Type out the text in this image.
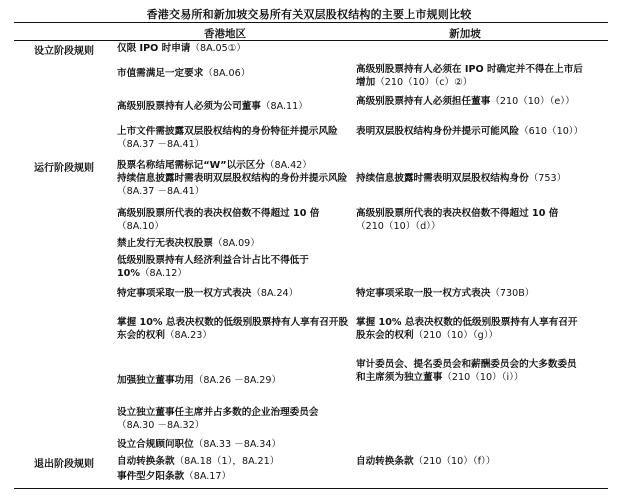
香港交易所和新加坡交易所有关双层股权结构的主要上市规则比较
香港地区	新加坡
设立阶段规则
运行阶段规则
退出阶段规则
仅限 IPO 时申请（8A.05①）
市值需满足一定要求（8A.06）
高级别股票持有人必须为公司董事（8A.11）
上市文件需披露双层股权结构的身份特征并提示风险（8A.37 －8A.41）
股票名称结尾需标记“W”以示区分（8A.42）
持续信息披露时需表明双层股权结构的身份并提示风险（8A.37 －8A.41）
高级别股票所代表的表决权倍数不得超过 10 倍（8A.10）
禁止发行无表决权股票（8A.09）
低级别股票持有人经济利益合计占比不得低于 10%（8A.12）
特定事项采取一股一权方式表决（8A.24）
掌握 10% 总表决权数的低级别股票持有人享有召开股东会的权利（8A.23）
加强独立董事功用（8A.26 －8A.29）
设立独立董事任主席并占多数的企业治理委员会（8A.30 －8A.32）
设立合规顾问职位（8A.33 －8A.34）
自动转换条款（8A.18（1），8A.21）
事件型夕阳条款（8A.17）
高级别股票持有人必须在 IPO 时确定并不得在上市后增加（210（10）（c）②）
高级别股票持有人必须担任董事（210（10）（e））
表明双层股权结构身份并提示可能风险（610（10））
持续信息披露时需表明双层股权结构身份（753）
高级别股票所代表的表决权倍数不得超过 10 倍（210（10）（d））
特定事项采取一股一权方式表决（730B）
掌握 10% 总表决权数的低级别股票持有人享有召开股东会的权利（210（10）（g））
审计委员会、提名委员会和薪酬委员会的大多数委员和主席须为独立董事（210（10）（i））
自动转换条款（210（10）（f））
